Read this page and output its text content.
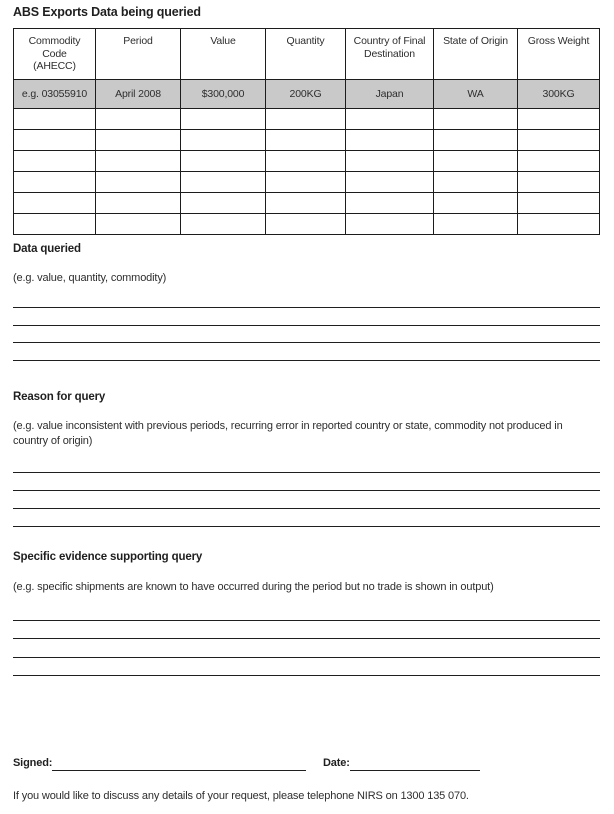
ABS Exports Data being queried
Commodity Code (AHECC)	Period	Value	Quantity	Country of Final Destination	State of Origin	Gross Weight
e.g. 03055910	April 2008	$300,000	200KG	Japan	WA	300KG

Data queried
(e.g. value, quantity, commodity)
Reason for query
(e.g. value inconsistent with previous periods, recurring error in reported country or state, commodity not produced in country of origin)
Specific evidence supporting query
(e.g. specific shipments are known to have occurred during the period but no trade is shown in output)
Signed:	Date:
If you would like to discuss any details of your request, please telephone NIRS on 1300 135 070.
